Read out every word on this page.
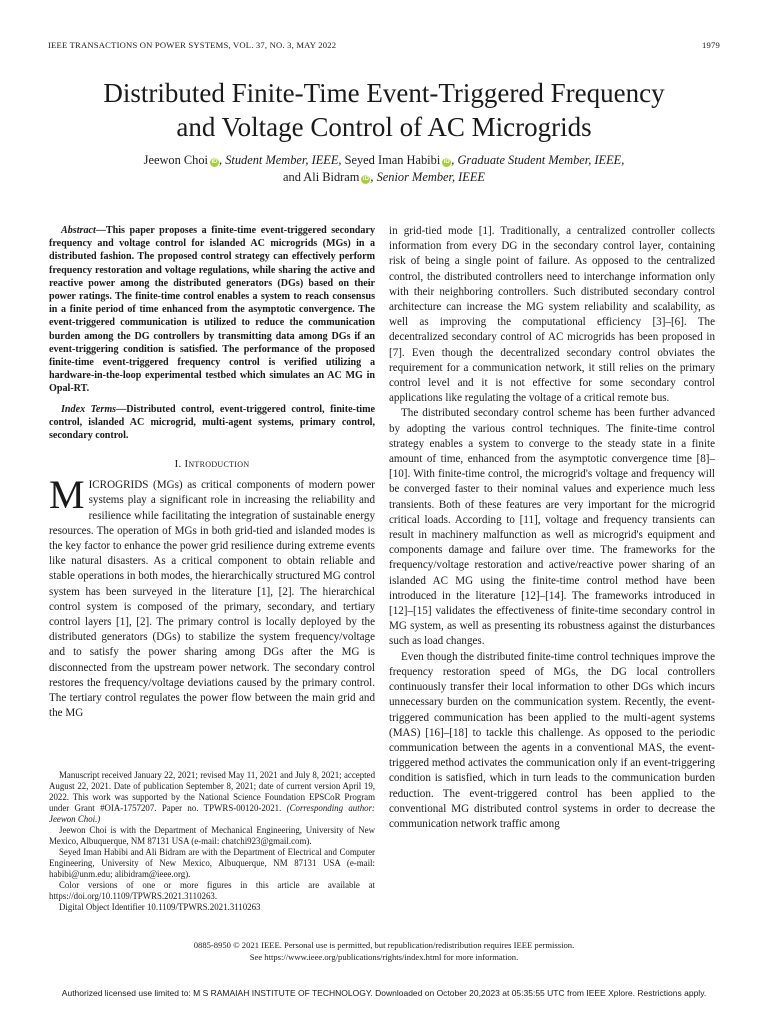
IEEE TRANSACTIONS ON POWER SYSTEMS, VOL. 37, NO. 3, MAY 2022	1979
Distributed Finite-Time Event-Triggered Frequency
and Voltage Control of AC Microgrids
Jeewon Choi iD , Student Member, IEEE, Seyed Iman Habibi iD , Graduate Student Member, IEEE,
and Ali Bidram iD , Senior Member, IEEE

Abstract—This paper proposes a finite-time event-triggered secondary frequency and voltage control for islanded AC microgrids (MGs) in a distributed fashion. The proposed control strategy can effectively perform frequency restoration and voltage regulations, while sharing the active and reactive power among the distributed generators (DGs) based on their power ratings. The finite-time control enables a system to reach consensus in a finite period of time enhanced from the asymptotic convergence. The event-triggered communication is utilized to reduce the communication burden among the DG controllers by transmitting data among DGs if an event-triggering condition is satisfied. The performance of the proposed finite-time event-triggered frequency control is verified utilizing a hardware-in-the-loop experimental testbed which simulates an AC MG in Opal-RT.

Index Terms—Distributed control, event-triggered control, finite-time control, islanded AC microgrid, multi-agent systems, primary control, secondary control.

I. Introduction

MICROGRIDS (MGs) as critical components of modern power systems play a significant role in increasing the reliability and resilience while facilitating the integration of sustainable energy resources. The operation of MGs in both grid-tied and islanded modes is the key factor to enhance the power grid resilience during extreme events like natural disasters. As a critical component to obtain reliable and stable operations in both modes, the hierarchically structured MG control system has been surveyed in the literature [1], [2]. The hierarchical control system is composed of the primary, secondary, and tertiary control layers [1], [2]. The primary control is locally deployed by the distributed generators (DGs) to stabilize the system frequency/voltage and to satisfy the power sharing among DGs after the MG is disconnected from the upstream power network. The secondary control restores the frequency/voltage deviations caused by the primary control. The tertiary control regulates the power flow between the main grid and the MG

Manuscript received January 22, 2021; revised May 11, 2021 and July 8, 2021; accepted August 22, 2021. Date of publication September 8, 2021; date of current version April 19, 2022. This work was supported by the National Science Foundation EPSCoR Program under Grant #OIA-1757207. Paper no. TPWRS-00120-2021. (Corresponding author: Jeewon Choi.)

Jeewon Choi is with the Department of Mechanical Engineering, University of New Mexico, Albuquerque, NM 87131 USA (e-mail: chatchi923@gmail.com).

Seyed Iman Habibi and Ali Bidram are with the Department of Electrical and Computer Engineering, University of New Mexico, Albuquerque, NM 87131 USA (e-mail: habibi@unm.edu; alibidram@ieee.org).

Color versions of one or more figures in this article are available at https://doi.org/10.1109/TPWRS.2021.3110263.

Digital Object Identifier 10.1109/TPWRS.2021.3110263

in grid-tied mode [1]. Traditionally, a centralized controller collects information from every DG in the secondary control layer, containing risk of being a single point of failure. As opposed to the centralized control, the distributed controllers need to interchange information only with their neighboring controllers. Such distributed secondary control architecture can increase the MG system reliability and scalability, as well as improving the computational efficiency [3]–[6]. The decentralized secondary control of AC microgrids has been proposed in [7]. Even though the decentralized secondary control obviates the requirement for a communication network, it still relies on the primary control level and it is not effective for some secondary control applications like regulating the voltage of a critical remote bus.

The distributed secondary control scheme has been further advanced by adopting the various control techniques. The finite-time control strategy enables a system to converge to the steady state in a finite amount of time, enhanced from the asymptotic convergence time [8]–[10]. With finite-time control, the microgrid's voltage and frequency will be converged faster to their nominal values and experience much less transients. Both of these features are very important for the microgrid critical loads. According to [11], voltage and frequency transients can result in machinery malfunction as well as microgrid's equipment and components damage and failure over time. The frameworks for the frequency/voltage restoration and active/reactive power sharing of an islanded AC MG using the finite-time control method have been introduced in the literature [12]–[14]. The frameworks introduced in [12]–[15] validates the effectiveness of finite-time secondary control in MG system, as well as presenting its robustness against the disturbances such as load changes.

Even though the distributed finite-time control techniques improve the frequency restoration speed of MGs, the DG local controllers continuously transfer their local information to other DGs which incurs unnecessary burden on the communication system. Recently, the event-triggered communication has been applied to the multi-agent systems (MAS) [16]–[18] to tackle this challenge. As opposed to the periodic communication between the agents in a conventional MAS, the event-triggered method activates the communication only if an event-triggering condition is satisfied, which in turn leads to the communication burden reduction. The event-triggered control has been applied to the conventional MG distributed control systems in order to decrease the communication network traffic among

0885-8950 © 2021 IEEE. Personal use is permitted, but republication/redistribution requires IEEE permission.
See https://www.ieee.org/publications/rights/index.html for more information.
Authorized licensed use limited to: M S RAMAIAH INSTITUTE OF TECHNOLOGY. Downloaded on October 20,2023 at 05:35:55 UTC from IEEE Xplore. Restrictions apply.
